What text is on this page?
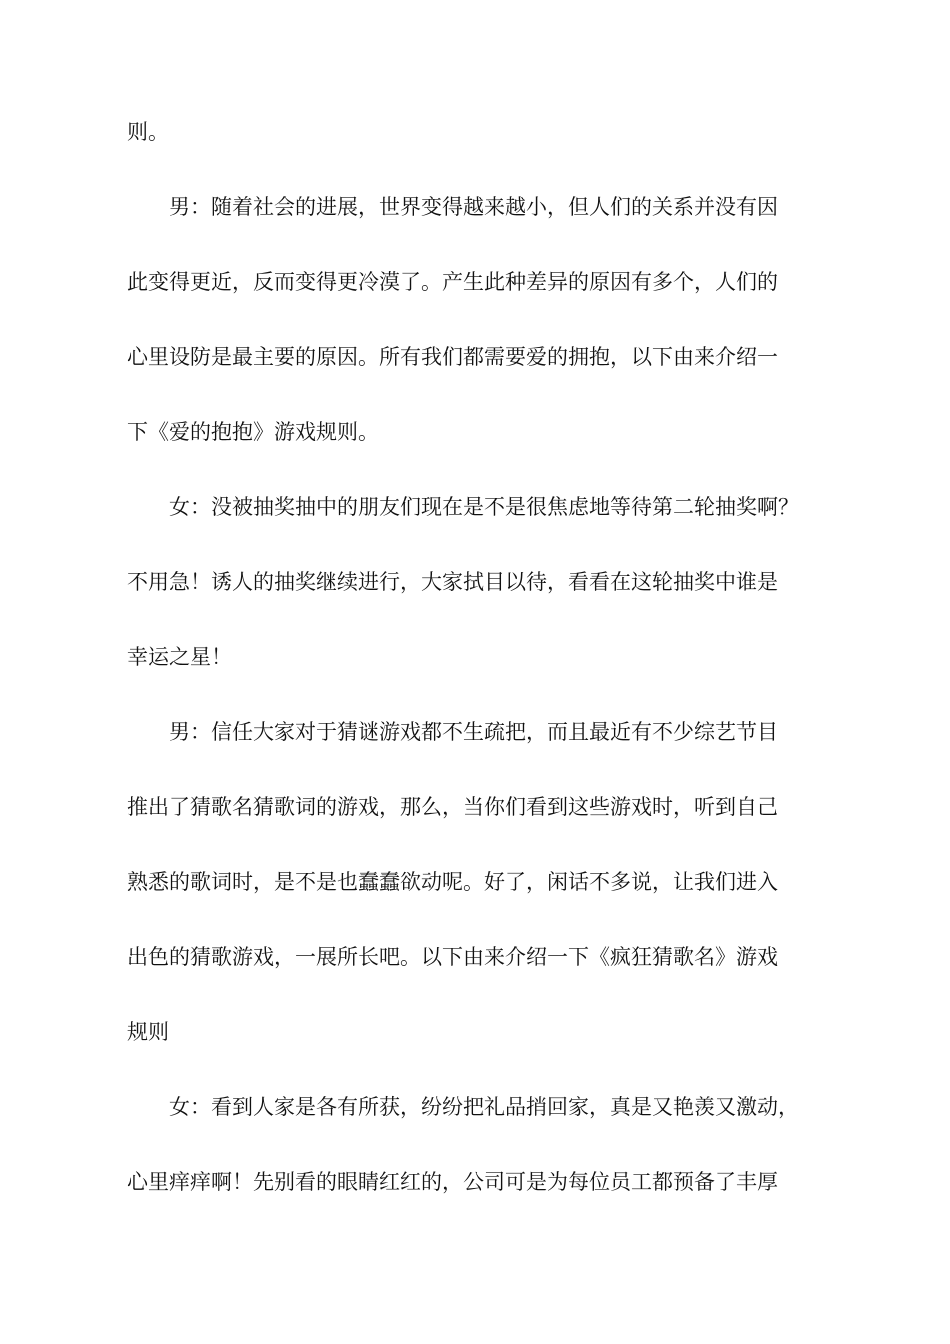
则。
男：随着社会的进展，世界变得越来越小，但人们的关系并没有因
此变得更近，反而变得更冷漠了。产生此种差异的原因有多个，人们的
心里设防是最主要的原因。所有我们都需要爱的拥抱，以下由来介绍一
下《爱的抱抱》游戏规则。
女：没被抽奖抽中的朋友们现在是不是很焦虑地等待第二轮抽奖啊？
不用急！诱人的抽奖继续进行，大家拭目以待，看看在这轮抽奖中谁是
幸运之星！
男：信任大家对于猜谜游戏都不生疏把，而且最近有不少综艺节目
推出了猜歌名猜歌词的游戏，那么，当你们看到这些游戏时，听到自己
熟悉的歌词时，是不是也蠢蠢欲动呢。好了，闲话不多说，让我们进入
出色的猜歌游戏，一展所长吧。以下由来介绍一下《疯狂猜歌名》游戏
规则
女：看到人家是各有所获，纷纷把礼品捎回家，真是又艳羡又激动，
心里痒痒啊！先别看的眼睛红红的，公司可是为每位员工都预备了丰厚
